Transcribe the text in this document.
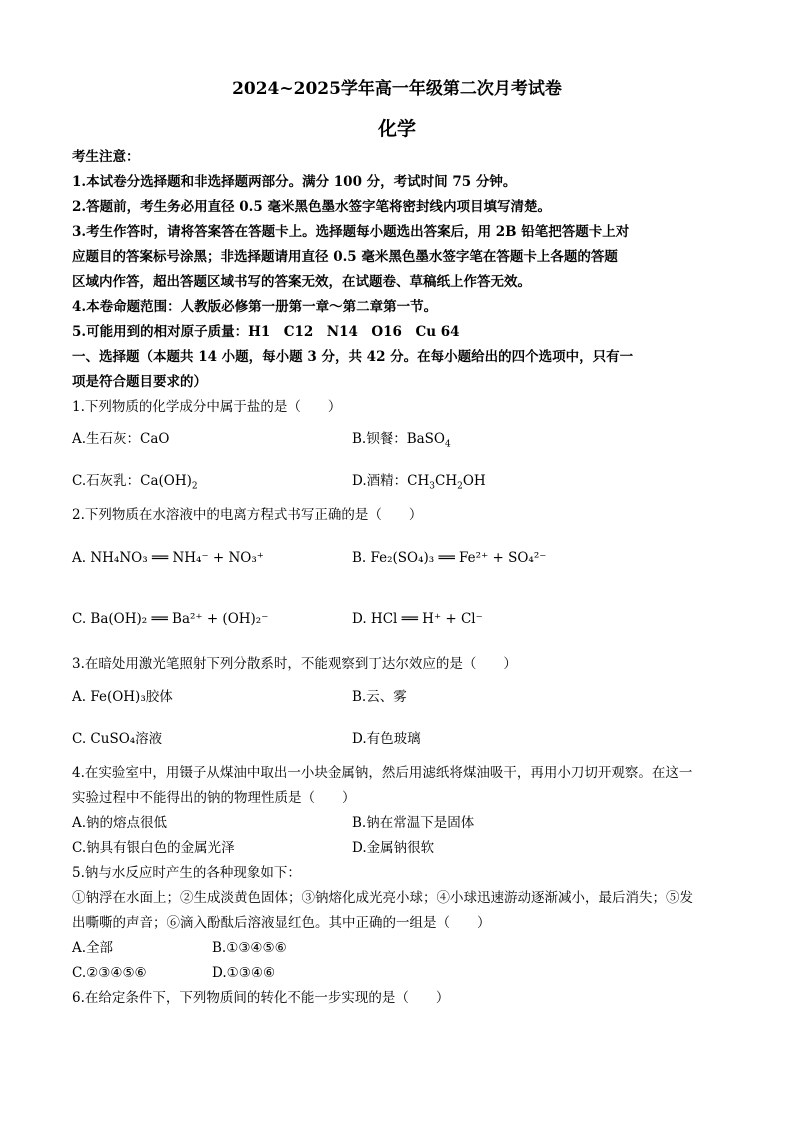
2024~2025学年高一年级第二次月考试卷
化学
考生注意：
1.本试卷分选择题和非选择题两部分。满分 100 分，考试时间 75 分钟。
2.答题前，考生务必用直径 0.5 毫米黑色墨水签字笔将密封线内项目填写清楚。
3.考生作答时，请将答案答在答题卡上。选择题每小题选出答案后，用 2B 铅笔把答题卡上对
应题目的答案标号涂黑；非选择题请用直径 0.5 毫米黑色墨水签字笔在答题卡上各题的答题
区域内作答，超出答题区域书写的答案无效，在试题卷、草稿纸上作答无效。
4.本卷命题范围：人教版必修第一册第一章～第二章第一节。
5.可能用到的相对原子质量：H1　C12　N14　O16　Cu 64
一、选择题（本题共 14 小题，每小题 3 分，共 42 分。在每小题给出的四个选项中，只有一
项是符合题目要求的）
1.下列物质的化学成分中属于盐的是（　　）
A.生石灰：CaO	B.钡餐：BaSO$_4$
C.石灰乳：$Ca(OH)_2$	D.酒精：$CH_3CH_2OH$
2.下列物质在水溶液中的电离方程式书写正确的是（　　）
A. NH₄NO₃ ══ NH₄⁻ + NO₃⁺	B. Fe₂(SO₄)₃ ══ Fe²⁺ + SO₄²⁻
C. Ba(OH)₂ ══ Ba²⁺ + (OH)₂⁻	D. HCl ══ H⁺ + Cl⁻
3.在暗处用激光笔照射下列分散系时，不能观察到丁达尔效应的是（　　）
A. Fe(OH)₃胶体	B.云、雾
C. CuSO₄溶液	D.有色玻璃
4.在实验室中，用镊子从煤油中取出一小块金属钠，然后用滤纸将煤油吸干，再用小刀切开观察。在这一
实验过程中不能得出的钠的物理性质是（　　）
A.钠的熔点很低	B.钠在常温下是固体
C.钠具有银白色的金属光泽	D.金属钠很软
5.钠与水反应时产生的各种现象如下：
①钠浮在水面上；②生成淡黄色固体；③钠熔化成光亮小球；④小球迅速游动逐渐减小，最后消失；⑤发
出嘶嘶的声音；⑥滴入酚酞后溶液显红色。其中正确的一组是（　　）
A.全部	B.①③④⑤⑥
C.②③④⑤⑥	D.①③④⑥
6.在给定条件下，下列物质间的转化不能一步实现的是（　　）
